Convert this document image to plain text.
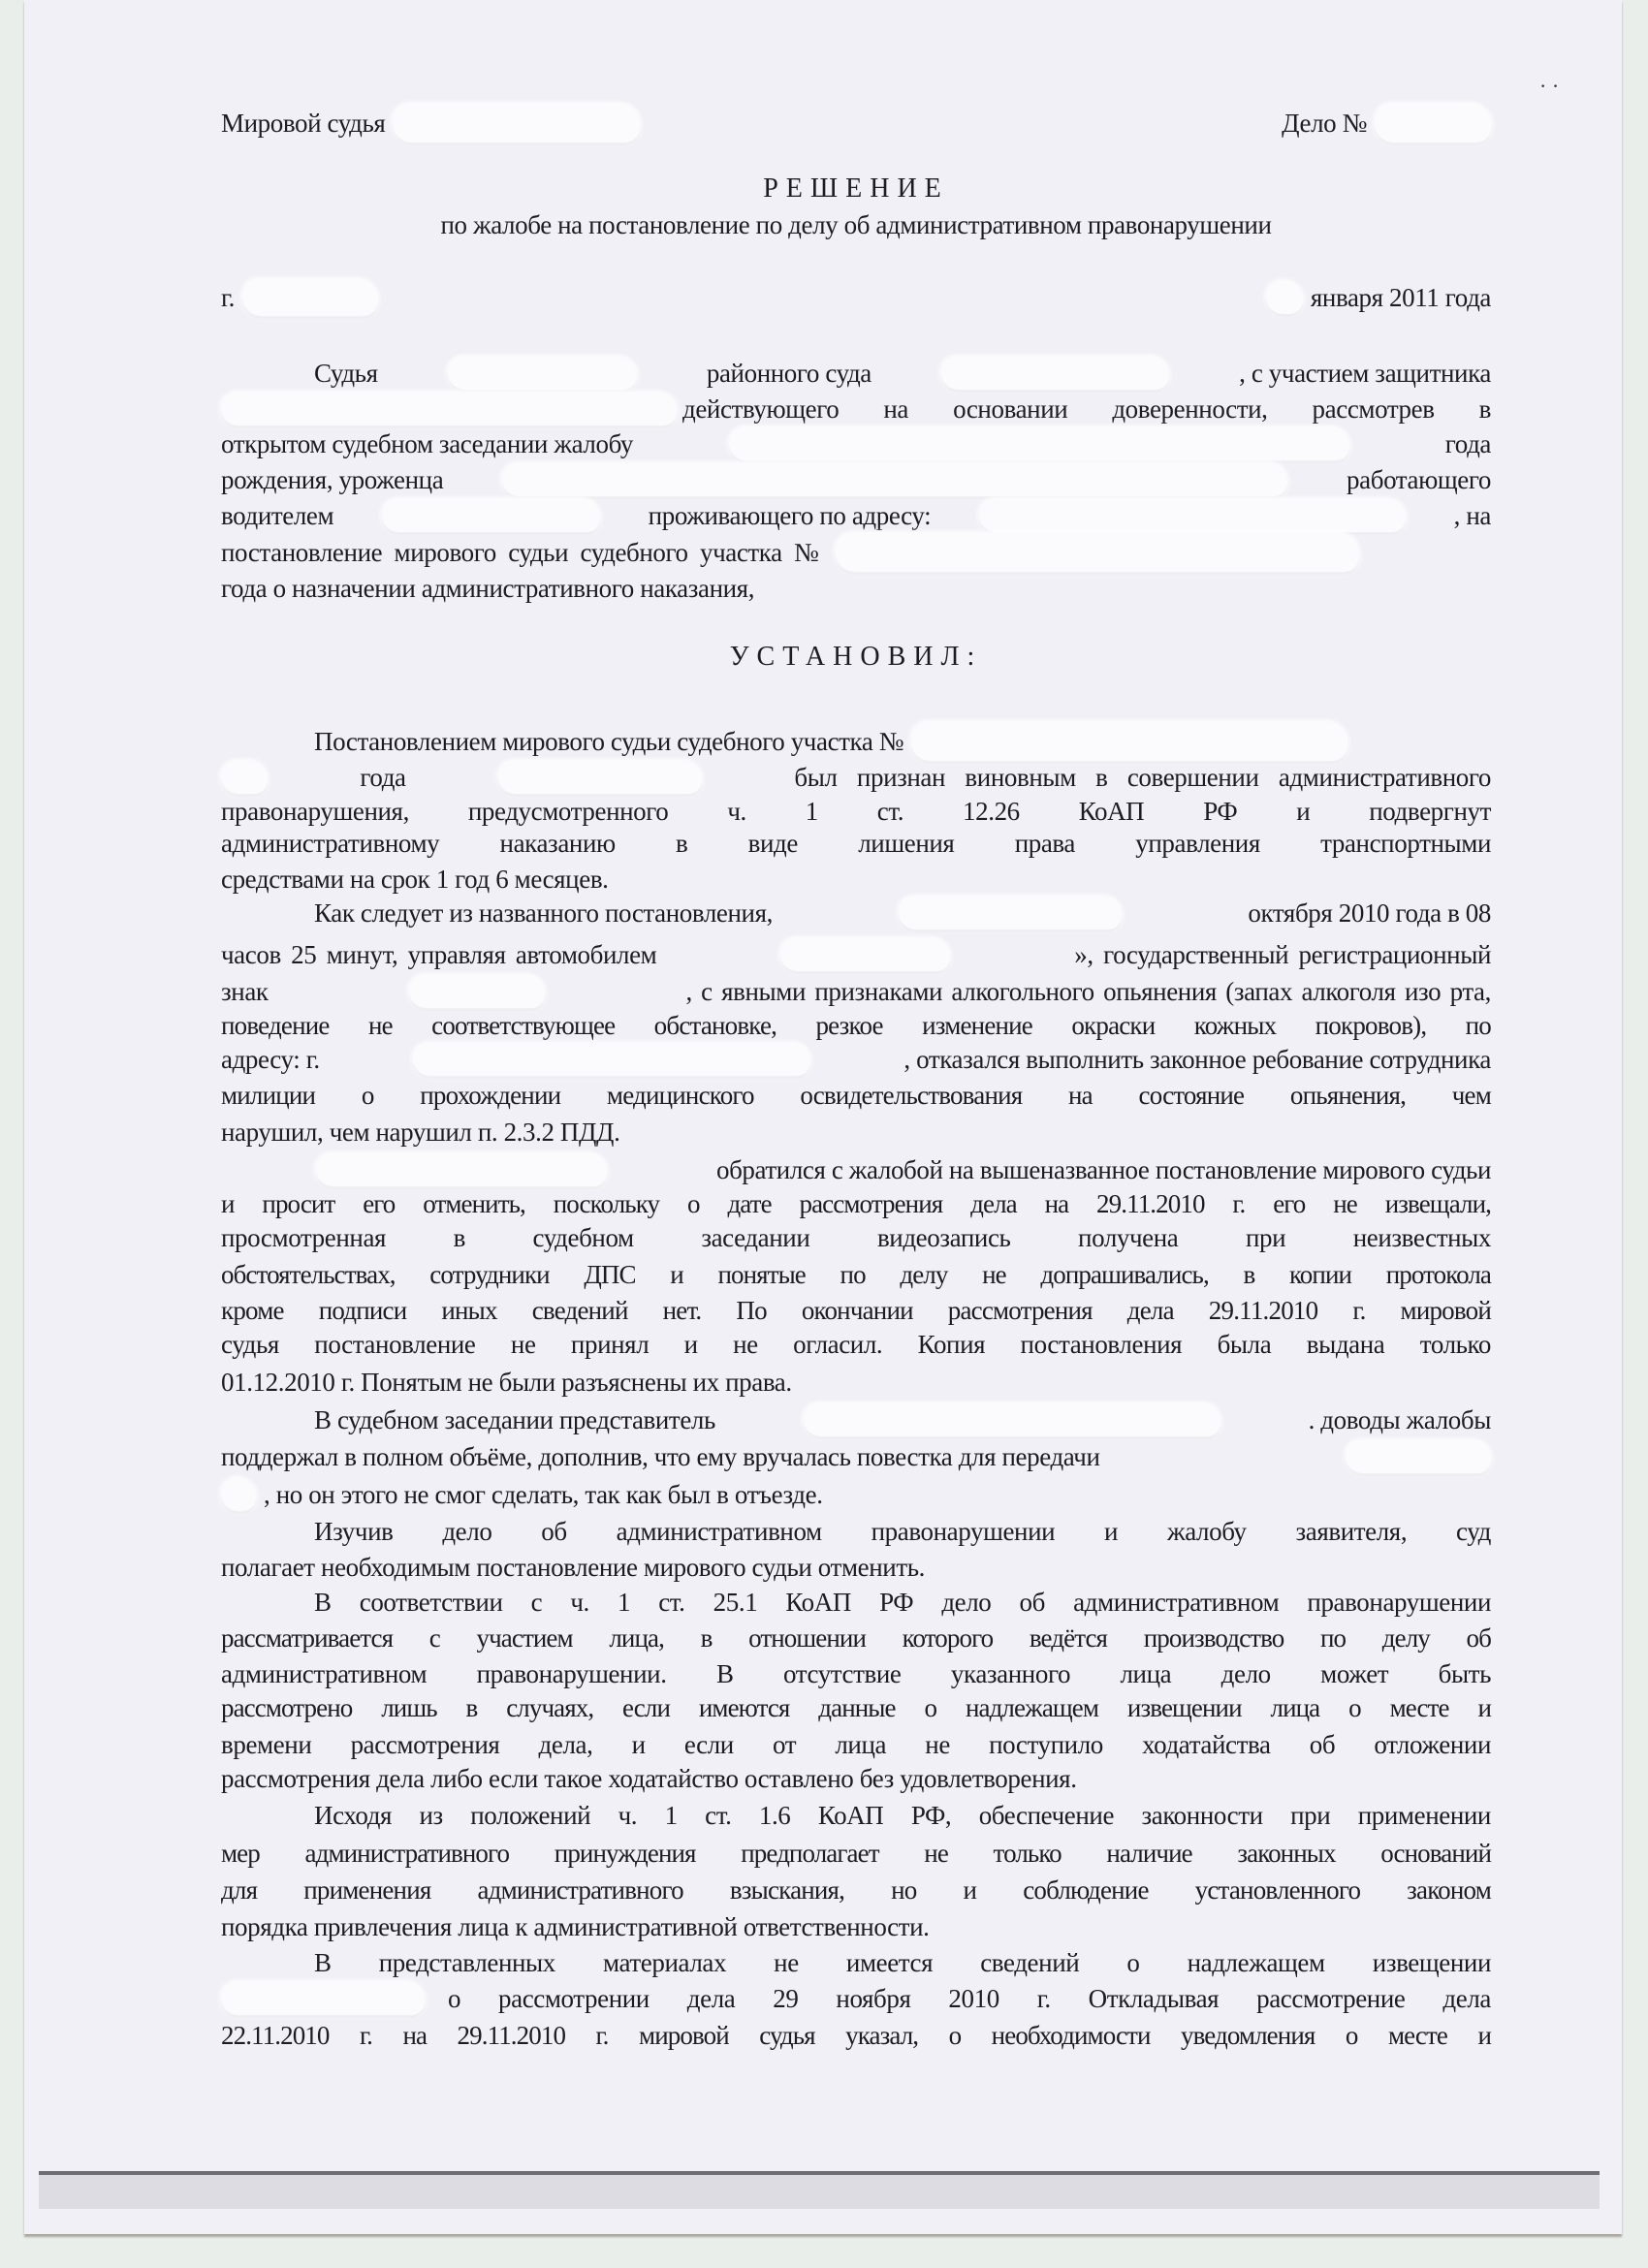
Мировой судья	Дело №
· ·
РЕШЕНИЕ
по жалобе на постановление по делу об административном правонарушении
г.	января 2011 года
Судья	районного суда	, с участием защитника
действующего на основании доверенности, рассмотрев в
открытом судебном заседании жалобу	года
рождения, уроженца	работающего
водителем	проживающего по адресу:	, на
постановление мирового судьи судебного участка №
года о назначении административного наказания,
УСТАНОВИЛ:
Постановлением мирового судьи судебного участка №
года	был признан виновным в совершении административного
правонарушения, предусмотренного ч. 1 ст. 12.26 КоАП РФ и подвергнут
административному наказанию в виде лишения права управления транспортными
средствами на срок 1 год 6 месяцев.
Как следует из названного постановления,	октября 2010 года в 08
часов 25 минут, управляя автомобилем	», государственный регистрационный
знак	, с явными признаками алкогольного опьянения (запах алкоголя изо рта,
поведение не соответствующее обстановке, резкое изменение окраски кожных покровов), по
адресу: г.	, отказался выполнить законное ребование сотрудника
милиции о прохождении медицинского освидетельствования на состояние опьянения, чем
нарушил, чем нарушил п. 2.3.2 ПДД.
обратился с жалобой на вышеназванное постановление мирового судьи
и просит его отменить, поскольку о дате рассмотрения дела на 29.11.2010 г. его не извещали,
просмотренная в судебном заседании видеозапись получена при неизвестных
обстоятельствах, сотрудники ДПС и понятые по делу не допрашивались, в копии протокола
кроме подписи иных сведений нет. По окончании рассмотрения дела 29.11.2010 г. мировой
судья постановление не принял и не огласил. Копия постановления была выдана только
01.12.2010 г. Понятым не были разъяснены их права.
В судебном заседании представитель	. доводы жалобы
поддержал в полном объёме, дополнив, что ему вручалась повестка для передачи
, но он этого не смог сделать, так как был в отъезде.
Изучив дело об административном правонарушении и жалобу заявителя, суд
полагает необходимым постановление мирового судьи отменить.
В соответствии с ч. 1 ст. 25.1 КоАП РФ дело об административном правонарушении
рассматривается с участием лица, в отношении которого ведётся производство по делу об
административном правонарушении. В отсутствие указанного лица дело может быть
рассмотрено лишь в случаях, если имеются данные о надлежащем извещении лица о месте и
времени рассмотрения дела, и если от лица не поступило ходатайства об отложении
рассмотрения дела либо если такое ходатайство оставлено без удовлетворения.
Исходя из положений ч. 1 ст. 1.6 КоАП РФ, обеспечение законности при применении
мер административного принуждения предполагает не только наличие законных оснований
для применения административного взыскания, но и соблюдение установленного законом
порядка привлечения лица к административной ответственности.
В представленных материалах не имеется сведений о надлежащем извещении
о рассмотрении дела 29 ноября 2010 г. Откладывая рассмотрение дела
22.11.2010 г. на 29.11.2010 г. мировой судья указал, о необходимости уведомления о месте и
